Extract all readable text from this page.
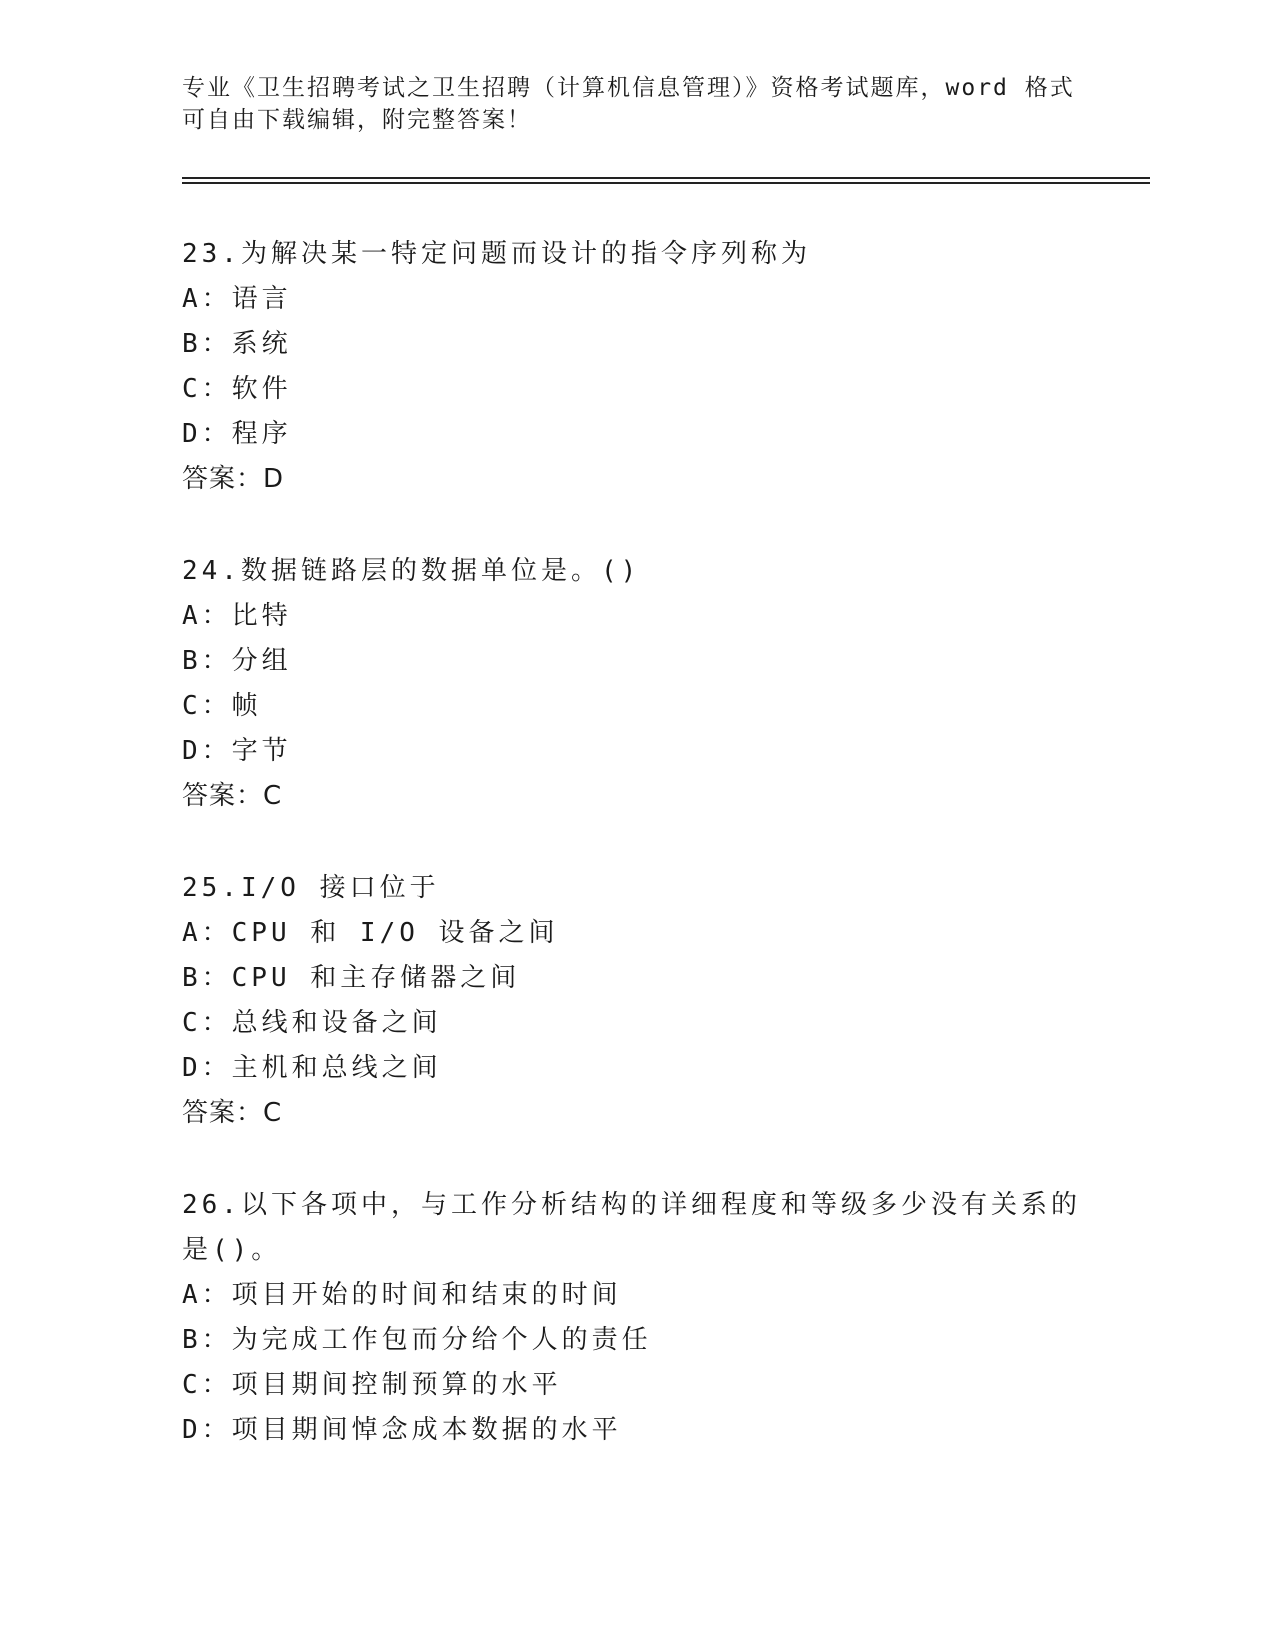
专业《卫生招聘考试之卫生招聘（计算机信息管理）》资格考试题库，word 格式
可自由下载编辑，附完整答案！

23.为解决某一特定问题而设计的指令序列称为

A：语言

B：系统

C：软件

D：程序

答案：D

24.数据链路层的数据单位是。()

A：比特

B：分组

C：帧

D：字节

答案：C

25.I/O 接口位于

A：CPU 和 I/O 设备之间

B：CPU 和主存储器之间

C：总线和设备之间

D：主机和总线之间

答案：C

26.以下各项中，与工作分析结构的详细程度和等级多少没有关系的是()。

A：项目开始的时间和结束的时间

B：为完成工作包而分给个人的责任

C：项目期间控制预算的水平

D：项目期间悼念成本数据的水平
